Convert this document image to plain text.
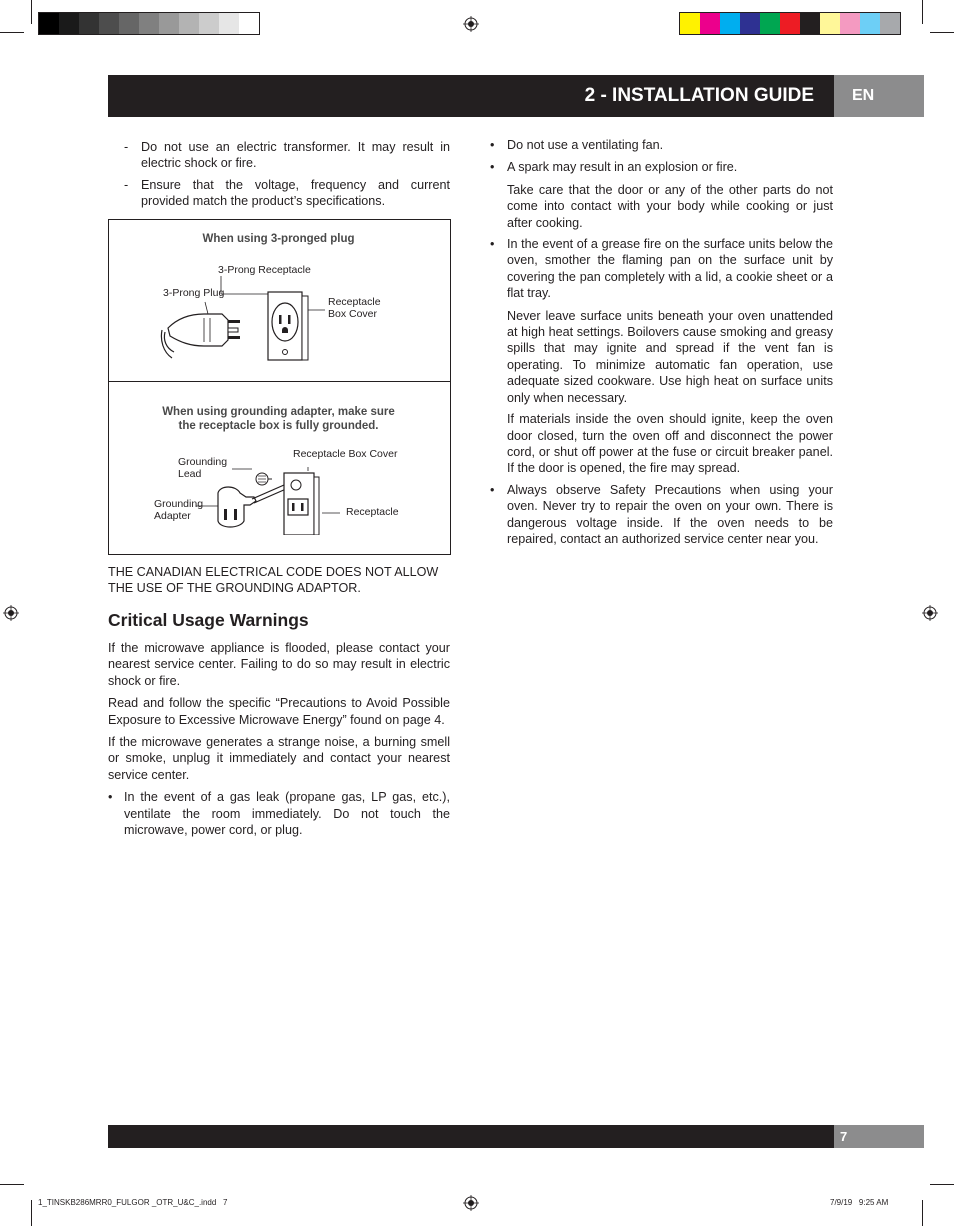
2 - INSTALLATION GUIDE EN
- Do not use an electric transformer. It may result in electric shock or fire.
- Ensure that the voltage, frequency and current provided match the product’s specifications.
When using 3-pronged plug
3-Prong Receptacle
3-Prong Plug
Receptacle
Box Cover
When using grounding adapter, make sure
the receptacle box is fully grounded.
Grounding
Lead
Receptacle Box Cover
Grounding
Adapter	Receptacle
THE CANADIAN ELECTRICAL CODE DOES NOT ALLOW THE USE OF THE GROUNDING ADAPTOR.
Critical Usage Warnings

If the microwave appliance is flooded, please contact your nearest service center. Failing to do so may result in electric shock or fire.

Read and follow the specific “Precautions to Avoid Possible Exposure to Excessive Microwave Energy” found on page 4.

If the microwave generates a strange noise, a burning smell or smoke, unplug it immediately and contact your nearest service center.

• In the event of a gas leak (propane gas, LP gas, etc.), ventilate the room immediately. Do not touch the microwave, power cord, or plug.
• Do not use a ventilating fan.
• A spark may result in an explosion or fire.

Take care that the door or any of the other parts do not come into contact with your body while cooking or just after cooking.

• In the event of a grease fire on the surface units below the oven, smother the flaming pan on the surface unit by covering the pan completely with a lid, a cookie sheet or a flat tray.

Never leave surface units beneath your oven unattended at high heat settings. Boilovers cause smoking and greasy spills that may ignite and spread if the vent fan is operating. To minimize automatic fan operation, use adequate sized cookware. Use high heat on surface units only when necessary.

If materials inside the oven should ignite, keep the oven door closed, turn the oven off and disconnect the power cord, or shut off power at the fuse or circuit breaker panel. If the door is opened, the fire may spread.

• Always observe Safety Precautions when using your oven. Never try to repair the oven on your own. There is dangerous voltage inside. If the oven needs to be repaired, contact an authorized service center near you.
7
1_TINSKB286MRR0_FULGOR _OTR_U&C_.indd   7	7/9/19   9:25 AM
